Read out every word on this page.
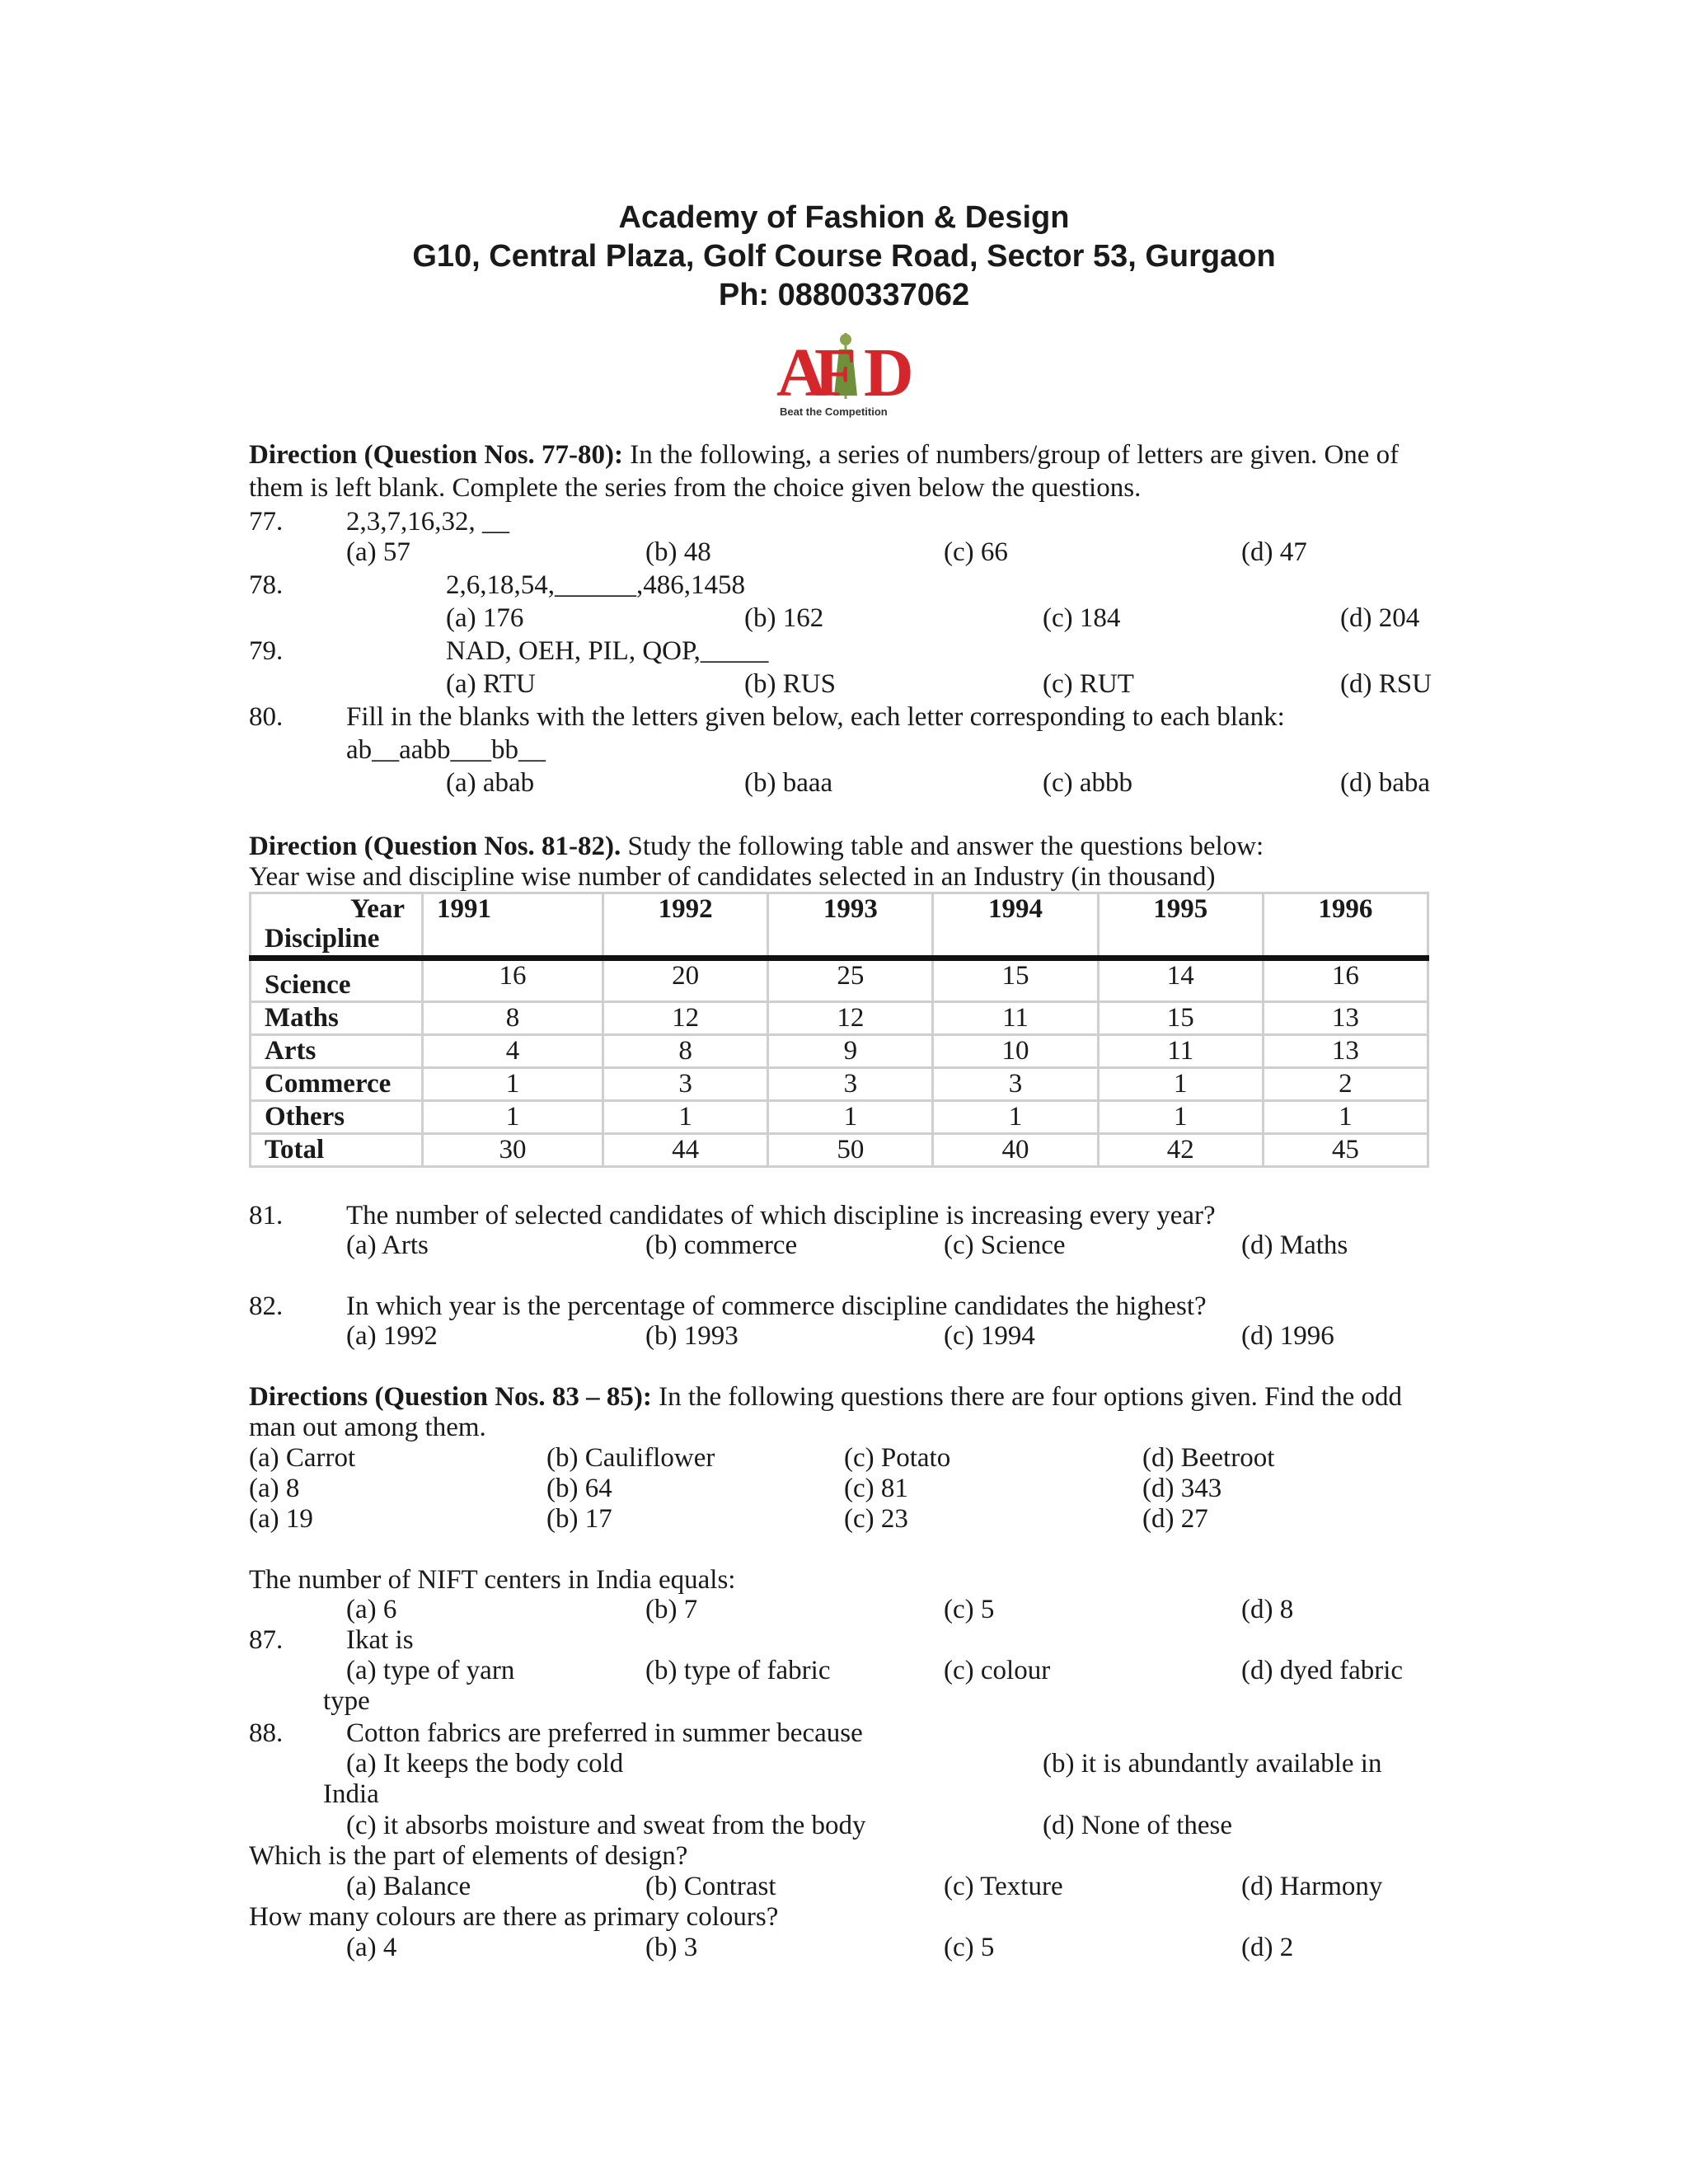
Academy of Fashion & Design
G10, Central Plaza, Golf Course Road, Sector 53, Gurgaon
Ph: 08800337062
A
F D
Beat the Competition
Direction (Question Nos. 77-80): In the following, a series of numbers/group of letters are given. One of
them is left blank. Complete the series from the choice given below the questions.
77. 2,3,7,16,32, __
(a) 57	(b) 48	(c) 66	(d) 47
78.	2,6,18,54,______,486,1458
(a) 176	(b) 162	(c) 184	(d) 204
79.	NAD, OEH, PIL, QOP,_____
(a) RTU	(b) RUS	(c) RUT	(d) RSU
80. Fill in the blanks with the letters given below, each letter corresponding to each blank:
ab__aabb___bb__
(a) abab	(b) baaa	(c) abbb	(d) baba
Direction (Question Nos. 81-82). Study the following table and answer the questions below:
Year wise and discipline wise number of candidates selected in an Industry (in thousand)
Year
Discipline	1991	1992	1993	1994	1995	1996
Science	16	20	25	15	14	16
Maths	8	12	12	11	15	13
Arts	4	8	9	10	11	13
Commerce	1	3	3	3	1	2
Others	1	1	1	1	1	1
Total	30	44	50	40	42	45
81. The number of selected candidates of which discipline is increasing every year?
(a) Arts	(b) commerce	(c) Science	(d) Maths
82. In which year is the percentage of commerce discipline candidates the highest?
(a) 1992	(b) 1993	(c) 1994	(d) 1996
Directions (Question Nos. 83 – 85): In the following questions there are four options given. Find the odd
man out among them.
(a) Carrot	(b) Cauliflower	(c) Potato	(d) Beetroot
(a) 8	(b) 64	(c) 81	(d) 343
(a) 19	(b) 17	(c) 23	(d) 27
The number of NIFT centers in India equals:
(a) 6	(b) 7	(c) 5	(d) 8
87. Ikat is
(a) type of yarn	(b) type of fabric	(c) colour	(d) dyed fabric
type
88. Cotton fabrics are preferred in summer because
(a) It keeps the body cold	(b) it is abundantly available in
India
(c) it absorbs moisture and sweat from the body	(d) None of these
Which is the part of elements of design?
(a) Balance	(b) Contrast	(c) Texture	(d) Harmony
How many colours are there as primary colours?
(a) 4	(b) 3	(c) 5	(d) 2
